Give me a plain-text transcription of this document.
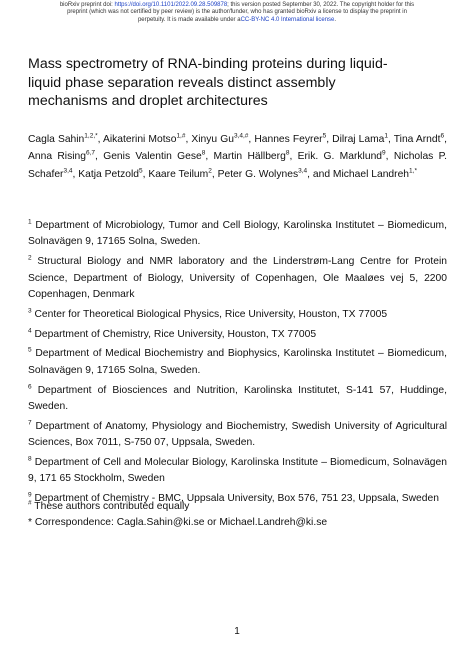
bioRxiv preprint doi: https://doi.org/10.1101/2022.09.28.509878; this version posted September 30, 2022. The copyright holder for this
preprint (which was not certified by peer review) is the author/funder, who has granted bioRxiv a license to display the preprint in
perpetuity. It is made available under aCC-BY-NC 4.0 International license.
Mass spectrometry of RNA-binding proteins during liquid-liquid phase separation reveals distinct assembly mechanisms and droplet architectures
Cagla Sahin$^{1,2,*}$, Aikaterini Motso$^{1,\#}$, Xinyu $Gu^{3,4,\#}$, Hannes Feyrer$^5$, Dilraj Lama$^1$, Tina Arndt$^6$, Anna Rising$^{6,7}$, Genis Valentin Gese$^8$, Martin Hällberg$^8$, Erik. G. Marklund$^9$, Nicholas P. Schafer$^{3,4}$, Katja Petzold$^5$, Kaare Teilum$^2$, Peter G. Wolynes$^{3,4}$, and Michael Landreh$^{1,*}$

$^1$ Department of Microbiology, Tumor and Cell Biology, Karolinska Institutet – Biomedicum, Solnavägen 9, 17165 Solna, Sweden.

$^2$ Structural Biology and NMR laboratory and the Linderstrøm-Lang Centre for Protein Science, Department of Biology, University of Copenhagen, Ole Maaløes vej 5, 2200 Copenhagen, Denmark

$^3$ Center for Theoretical Biological Physics, Rice University, Houston, TX 77005

$^4$ Department of Chemistry, Rice University, Houston, TX 77005

$^5$ Department of Medical Biochemistry and Biophysics, Karolinska Institutet – Biomedicum, Solnavägen 9, 17165 Solna, Sweden.

$^6$ Department of Biosciences and Nutrition, Karolinska Institutet, S-141 57, Huddinge, Sweden.

$^7$ Department of Anatomy, Physiology and Biochemistry, Swedish University of Agricultural Sciences, Box 7011, S-750 07, Uppsala, Sweden.

$^8$ Department of Cell and Molecular Biology, Karolinska Institute – Biomedicum, Solnavägen 9, 171 65 Stockholm, Sweden

$^9$ Department of Chemistry - BMC, Uppsala University, Box 576, 751 23, Uppsala, Sweden

# These authors contributed equally

* Correspondence: Cagla.Sahin@ki.se or Michael.Landreh@ki.se

1
